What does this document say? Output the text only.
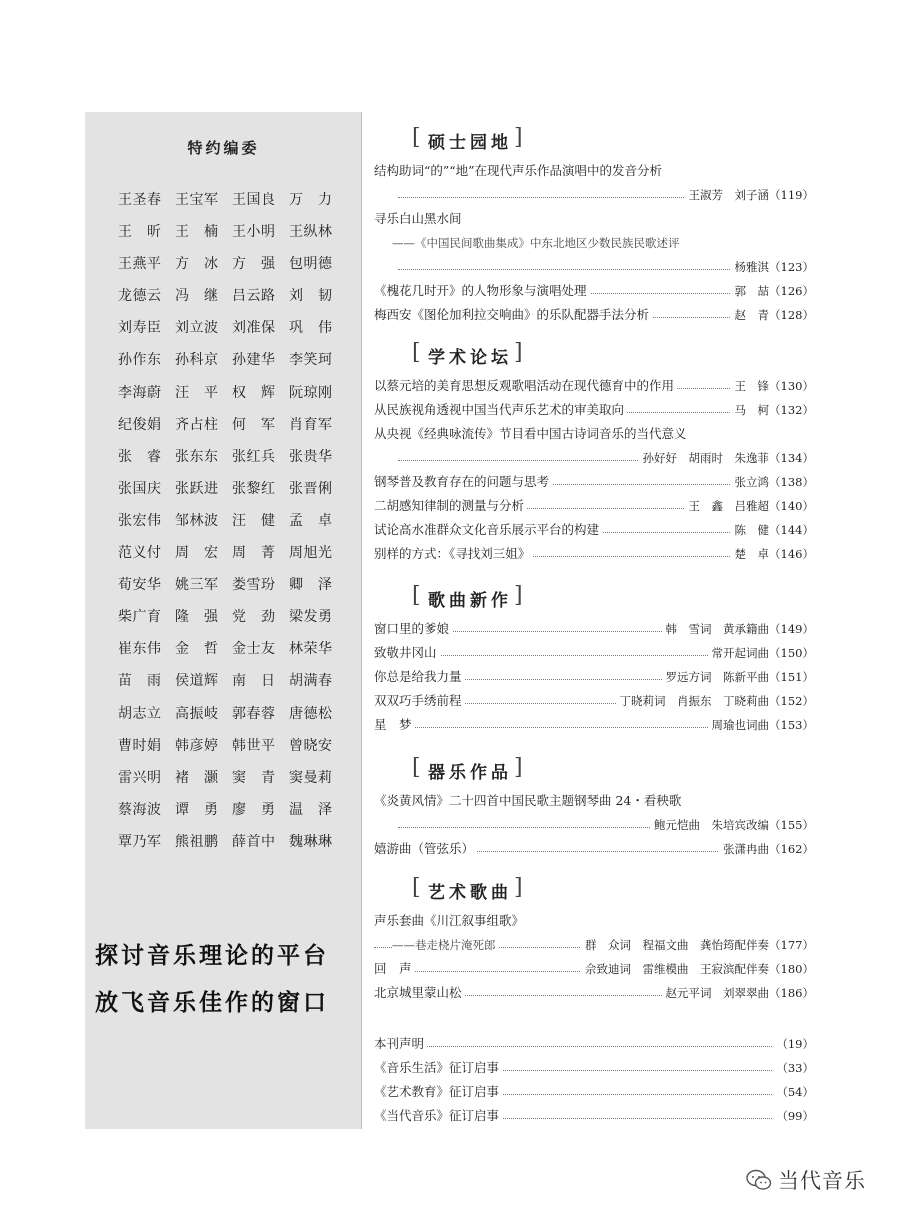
特约编委
王圣春 王宝军 王国良 万　力
王　昕 王　楠 王小明 王纵林
王燕平 方　冰 方　强 包明德
龙德云 冯　继 吕云路 刘　韧
刘寿臣 刘立波 刘准保 巩　伟
孙作东 孙科京 孙建华 李笑珂
李海蔚 汪　平 权　辉 阮琼刚
纪俊娟 齐占柱 何　军 肖育军
张　睿 张东东 张红兵 张贵华
张国庆 张跃进 张黎红 张晋俐
张宏伟 邹林波 汪　健 孟　卓
范义付 周　宏 周　菁 周旭光
荀安华 姚三军 娄雪玢 卿　泽
柴广育 隆　强 党　劲 梁发勇
崔东伟 金　哲 金士友 林荣华
苗　雨 侯道辉 南　日 胡满春
胡志立 高振岐 郭春蓉 唐德松
曹时娟 韩彦婷 韩世平 曾晓安
雷兴明 褚　灏 窦　青 窦曼莉
蔡海波 谭　勇 廖　勇 温　泽
覃乃军 熊祖鹏 薛首中 魏琳琳
探讨音乐理论的平台
放飞音乐佳作的窗口
[ 硕士园地 ]
结构助词“的”“地”在现代声乐作品演唱中的发音分析
王淑芳　刘子涵（119）
寻乐白山黑水间
——《中国民间歌曲集成》中东北地区少数民族民歌述评
杨雅淇（123）
《槐花几时开》的人物形象与演唱处理	郭　喆（126）
梅西安《图伦加利拉交响曲》的乐队配器手法分析	赵　青（128）
[ 学术论坛 ]
以蔡元培的美育思想反观歌唱活动在现代德育中的作用	王　锋（130）
从民族视角透视中国当代声乐艺术的审美取向	马　柯（132）
从央视《经典咏流传》节目看中国古诗词音乐的当代意义
孙好好　胡雨时　朱逸菲（134）
钢琴普及教育存在的问题与思考	张立鸿（138）
二胡感知律制的测量与分析	王　鑫　吕雅超（140）
试论高水准群众文化音乐展示平台的构建	陈　健（144）
别样的方式：《寻找刘三姐》	楚　卓（146）
[ 歌曲新作 ]
窗口里的爹娘	韩　雪词　黄承籍曲（149）
致敬井冈山	常开起词曲（150）
你总是给我力量	罗远方词　陈新平曲（151）
双双巧手绣前程	丁晓莉词　肖振东　丁晓莉曲（152）
星　梦	周瑜也词曲（153）
[ 器乐作品 ]
《炎黄风情》二十四首中国民歌主题钢琴曲 24・看秧歌
鲍元恺曲　朱培宾改编（155）
嬉游曲（管弦乐）	张潇冉曲（162）
[ 艺术歌曲 ]
声乐套曲《川江叙事组歌》
——巷走桡片淹死郎	群　众词　程福文曲　龚怡筠配伴奏（177）
回　声	佘致迪词　雷维模曲　王寂滨配伴奏（180）
北京城里蒙山松	赵元平词　刘翠翠曲（186）
本刊声明	（19）
《音乐生活》征订启事	（33）
《艺术教育》征订启事	（54）
《当代音乐》征订启事	（99）
当代音乐
